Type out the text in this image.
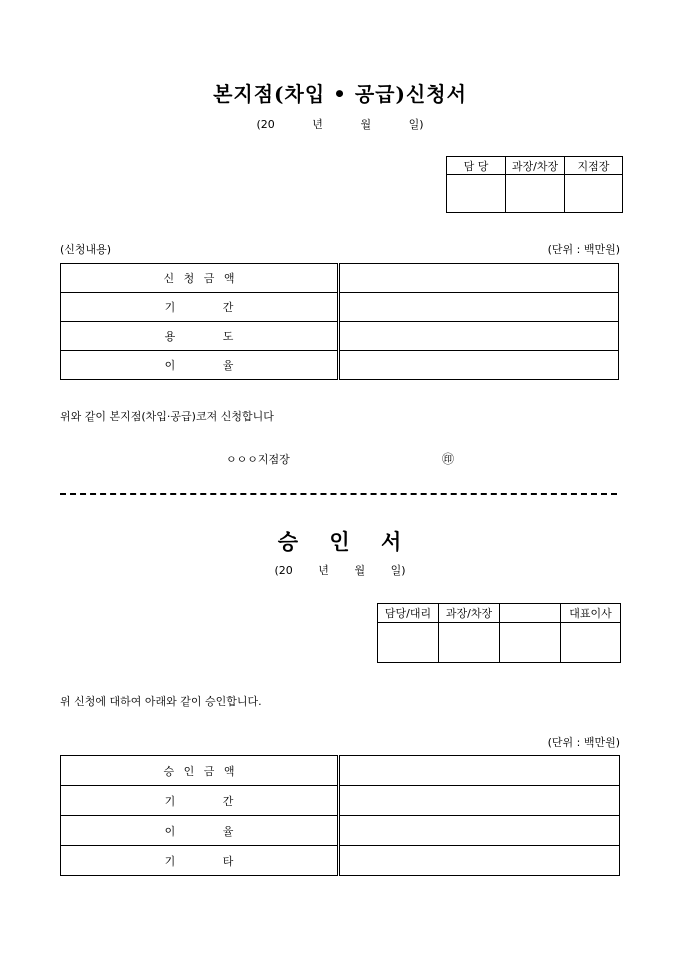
본지점(차입 • 공급)신청서
(20	년	월	일)
담 당	과장/차장	지점장

(신청내용)	(단위 : 백만원)
신 청 금 액	
기 간	
용 도	
이 율	
위와 같이 본지점(차입·공급)코져 신청합니다
ㅇㅇㅇ지점장	㊞
승 인 서
(20 년 월 일)
담당/대리	과장/차장		대표이사

위 신청에 대하여 아래와 같이 승인합니다.
(단위 : 백만원)
승 인 금 액	
기 간	
이 율	
기 타	
